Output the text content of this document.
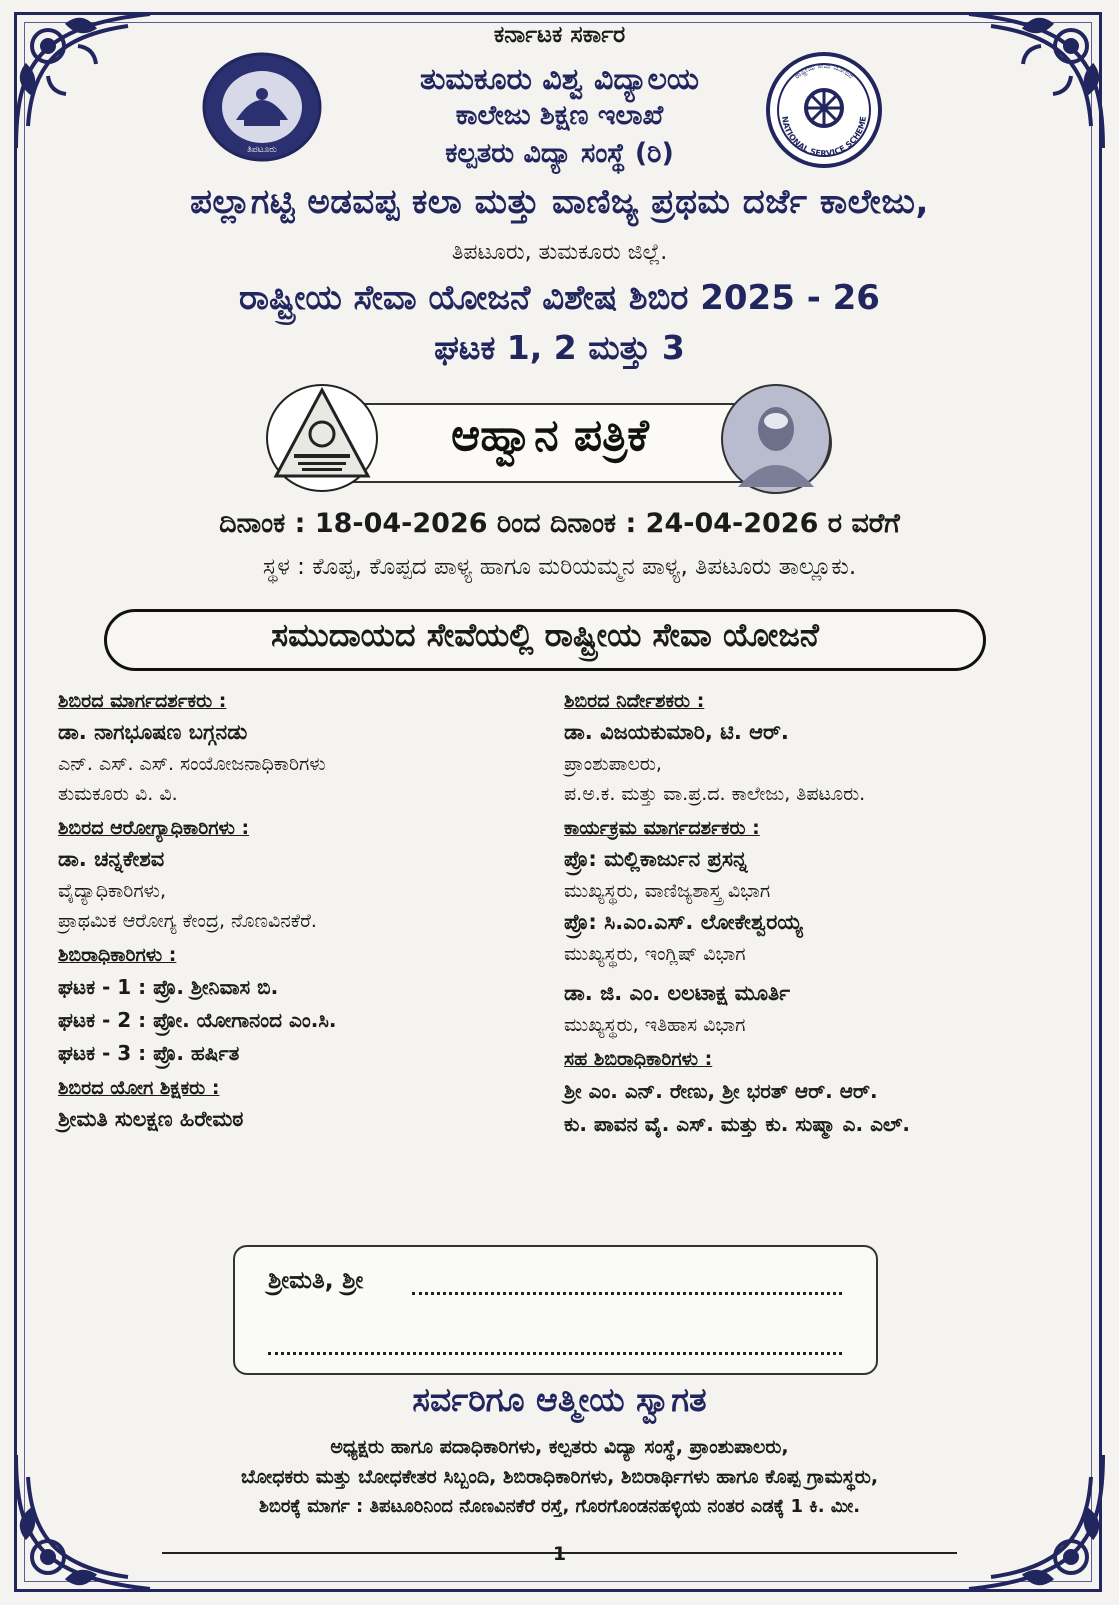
ತಿಪಟೂರು
NATIONAL SERVICE SCHEME
ರಾಷ್ಟ್ರೀಯ ಸೇವಾ ಯೋಜನೆ
ಕರ್ನಾಟಕ ಸರ್ಕಾರ
ತುಮಕೂರು ವಿಶ್ವ ವಿದ್ಯಾಲಯ
ಕಾಲೇಜು ಶಿಕ್ಷಣ ಇಲಾಖೆ
ಕಲ್ಪತರು ವಿದ್ಯಾ ಸಂಸ್ಥೆ (ರಿ)
ಪಲ್ಲಾಗಟ್ಟಿ ಅಡವಪ್ಪ ಕಲಾ ಮತ್ತು ವಾಣಿಜ್ಯ ಪ್ರಥಮ ದರ್ಜೆ ಕಾಲೇಜು,
ತಿಪಟೂರು, ತುಮಕೂರು ಜಿಲ್ಲೆ.
ರಾಷ್ಟ್ರೀಯ ಸೇವಾ ಯೋಜನೆ ವಿಶೇಷ ಶಿಬಿರ 2025 - 26
ಘಟಕ 1, 2 ಮತ್ತು 3
ಆಹ್ವಾನ ಪತ್ರಿಕೆ
ದಿನಾಂಕ : 18-04-2026 ರಿಂದ ದಿನಾಂಕ : 24-04-2026 ರ ವರೆಗೆ
ಸ್ಥಳ : ಕೊಪ್ಪ, ಕೊಪ್ಪದ ಪಾಳ್ಯ ಹಾಗೂ ಮರಿಯಮ್ಮನ ಪಾಳ್ಯ, ತಿಪಟೂರು ತಾಲ್ಲೂಕು.
ಸಮುದಾಯದ ಸೇವೆಯಲ್ಲಿ ರಾಷ್ಟ್ರೀಯ ಸೇವಾ ಯೋಜನೆ
ಶಿಬಿರದ ಮಾರ್ಗದರ್ಶಕರು :
ಡಾ. ನಾಗಭೂಷಣ ಬಗ್ಗನಡು
ಎನ್. ಎಸ್. ಎಸ್. ಸಂಯೋಜನಾಧಿಕಾರಿಗಳು
ತುಮಕೂರು ವಿ. ವಿ.
ಶಿಬಿರದ ಆರೋಗ್ಯಾಧಿಕಾರಿಗಳು :
ಡಾ. ಚನ್ನಕೇಶವ
ವೈದ್ಯಾಧಿಕಾರಿಗಳು,
ಪ್ರಾಥಮಿಕ ಆರೋಗ್ಯ ಕೇಂದ್ರ, ನೊಣವಿನಕೆರೆ.
ಶಿಬಿರಾಧಿಕಾರಿಗಳು :
ಘಟಕ - 1 : ಪ್ರೊ. ಶ್ರೀನಿವಾಸ ಬಿ.
ಘಟಕ - 2 : ಪ್ರೋ. ಯೋಗಾನಂದ ಎಂ.ಸಿ.
ಘಟಕ - 3 : ಪ್ರೊ. ಹರ್ಷಿತ
ಶಿಬಿರದ ಯೋಗ ಶಿಕ್ಷಕರು :
ಶ್ರೀಮತಿ ಸುಲಕ್ಷಣ ಹಿರೇಮಠ
ಶಿಬಿರದ ನಿರ್ದೇಶಕರು :
ಡಾ. ವಿಜಯಕುಮಾರಿ, ಟಿ. ಆರ್.
ಪ್ರಾಂಶುಪಾಲರು,
ಪ.ಅ.ಕ. ಮತ್ತು ವಾ.ಪ್ರ.ದ. ಕಾಲೇಜು, ತಿಪಟೂರು.
ಕಾರ್ಯಕ್ರಮ ಮಾರ್ಗದರ್ಶಕರು :
ಪ್ರೊ: ಮಲ್ಲಿಕಾರ್ಜುನ ಪ್ರಸನ್ನ
ಮುಖ್ಯಸ್ಥರು, ವಾಣಿಜ್ಯಶಾಸ್ತ್ರ ವಿಭಾಗ
ಪ್ರೊ: ಸಿ.ಎಂ.ಎಸ್. ಲೋಕೇಶ್ವರಯ್ಯ
ಮುಖ್ಯಸ್ಥರು, ಇಂಗ್ಲಿಷ್ ವಿಭಾಗ
ಡಾ. ಜಿ. ಎಂ. ಲಲಟಾಕ್ಷ ಮೂರ್ತಿ
ಮುಖ್ಯಸ್ಥರು, ಇತಿಹಾಸ ವಿಭಾಗ
ಸಹ ಶಿಬಿರಾಧಿಕಾರಿಗಳು :
ಶ್ರೀ ಎಂ. ಎನ್. ರೇಣು, ಶ್ರೀ ಭರತ್ ಆರ್. ಆರ್.
ಕು. ಪಾವನ ವೈ. ಎಸ್. ಮತ್ತು ಕು. ಸುಷ್ಮಾ ಎ. ಎಲ್.
ಶ್ರೀಮತಿ, ಶ್ರೀ
ಸರ್ವರಿಗೂ ಆತ್ಮೀಯ ಸ್ವಾಗತ
ಅಧ್ಯಕ್ಷರು ಹಾಗೂ ಪದಾಧಿಕಾರಿಗಳು, ಕಲ್ಪತರು ವಿದ್ಯಾ ಸಂಸ್ಥೆ, ಪ್ರಾಂಶುಪಾಲರು,
ಬೋಧಕರು ಮತ್ತು ಬೋಧಕೇತರ ಸಿಬ್ಬಂದಿ, ಶಿಬಿರಾಧಿಕಾರಿಗಳು, ಶಿಬಿರಾರ್ಥಿಗಳು ಹಾಗೂ ಕೊಪ್ಪ ಗ್ರಾಮಸ್ಥರು,
ಶಿಬಿರಕ್ಕೆ ಮಾರ್ಗ : ತಿಪಟೂರಿನಿಂದ ನೊಣವಿನಕೆರೆ ರಸ್ತೆ, ಗೊರಗೊಂಡನಹಳ್ಳಿಯ ನಂತರ ಎಡಕ್ಕೆ 1 ಕಿ. ಮೀ.
1
